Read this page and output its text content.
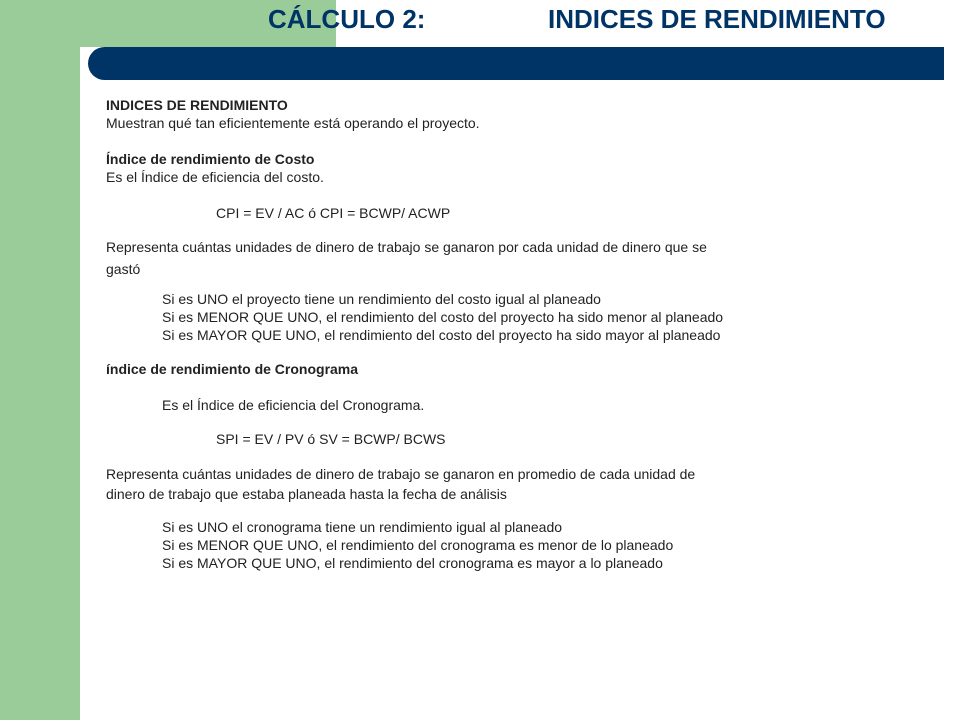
CÁLCULO 2:	INDICES DE RENDIMIENTO

INDICES DE RENDIMIENTO

Muestran qué tan eficientemente está operando el proyecto.

Índice de rendimiento de Costo

Es el Índice de eficiencia del costo.

CPI = EV / AC ó CPI = BCWP/ ACWP

Representa cuántas unidades de dinero de trabajo se ganaron por cada unidad de dinero que se

gastó

Si es UNO el proyecto tiene un rendimiento del costo igual al planeado

Si es MENOR QUE UNO, el rendimiento del costo del proyecto ha sido menor al planeado

Si es MAYOR QUE UNO, el rendimiento del costo del proyecto ha sido mayor al planeado

índice de rendimiento de Cronograma

Es el Índice de eficiencia del Cronograma.

SPI = EV / PV ó SV = BCWP/ BCWS

Representa cuántas unidades de dinero de trabajo se ganaron en promedio de cada unidad de

dinero de trabajo que estaba planeada hasta la fecha de análisis

Si es UNO el cronograma tiene un rendimiento igual al planeado

Si es MENOR QUE UNO, el rendimiento del cronograma es menor de lo planeado

Si es MAYOR QUE UNO, el rendimiento del cronograma es mayor a lo planeado
